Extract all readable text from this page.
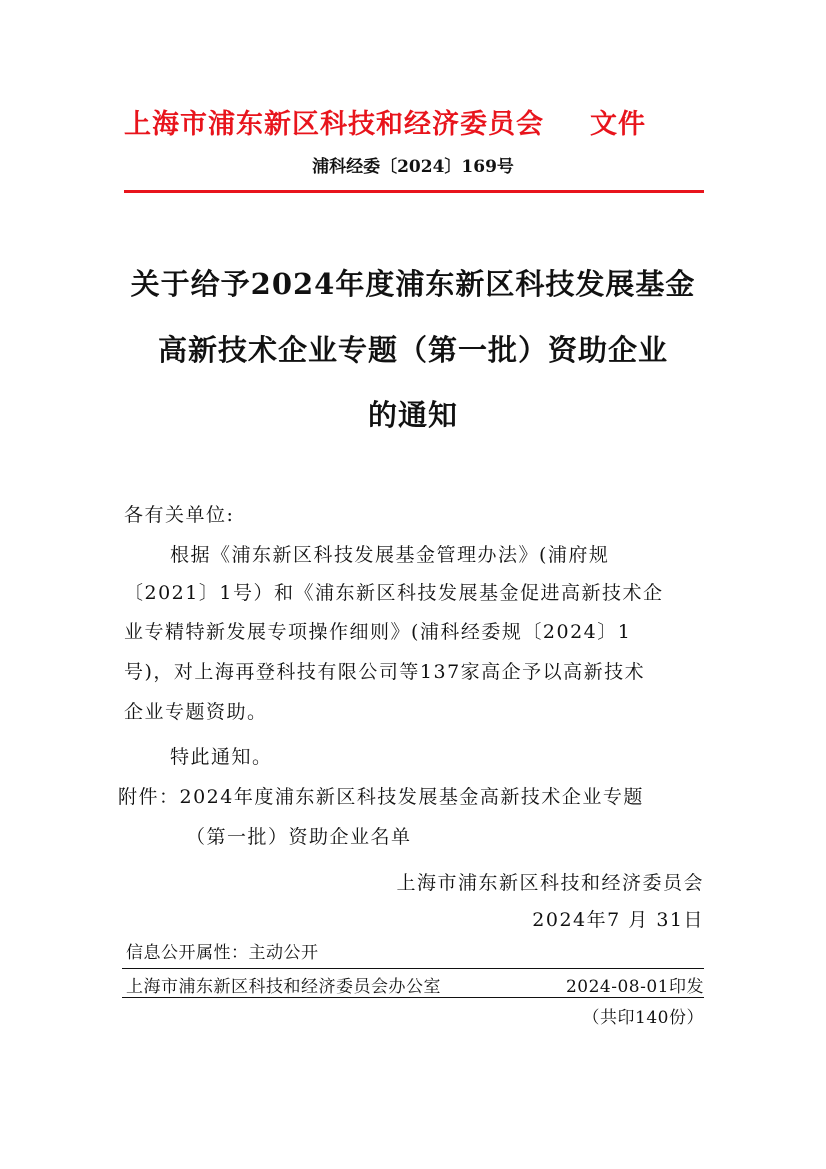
上海市浦东新区科技和经济委员会 文件
浦科经委〔2024〕169号
关于给予2024年度浦东新区科技发展基金
高新技术企业专题（第一批）资助企业
的通知
各有关单位:
根据《浦东新区科技发展基金管理办法》(浦府规
〔2021〕1号）和《浦东新区科技发展基金促进高新技术企
业专精特新发展专项操作细则》(浦科经委规〔2024〕1
号)，对上海再登科技有限公司等137家高企予以高新技术
企业专题资助。
特此通知。
附件：2024年度浦东新区科技发展基金高新技术企业专题
（第一批）资助企业名单
上海市浦东新区科技和经济委员会
2024年7 月 31日
信息公开属性：主动公开
上海市浦东新区科技和经济委员会办公室	2024-08-01印发
（共印140份）
